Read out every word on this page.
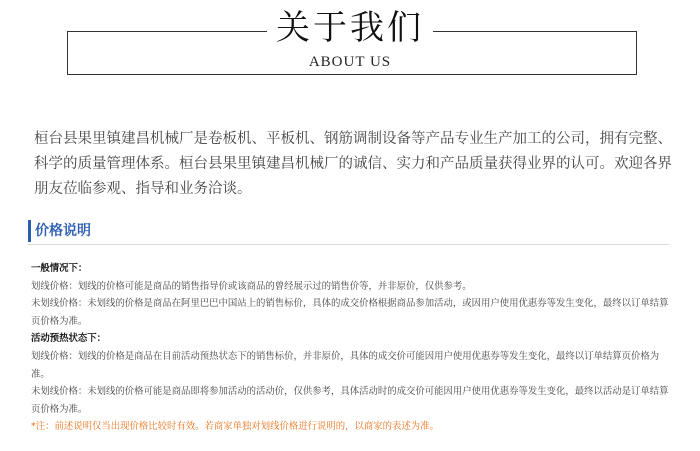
关于我们
ABOUT US
桓台县果里镇建昌机械厂是卷板机、平板机、钢筋调制设备等产品专业生产加工的公司，拥有完整、科学的质量管理体系。桓台县果里镇建昌机械厂的诚信、实力和产品质量获得业界的认可。欢迎各界朋友莅临参观、指导和业务洽谈。
价格说明

一般情况下：

划线价格：划线的价格可能是商品的销售指导价或该商品的曾经展示过的销售价等，并非原价，仅供参考。

未划线价格：未划线的价格是商品在阿里巴巴中国站上的销售标价，具体的成交价格根据商品参加活动，或因用户使用优惠券等发生变化，最终以订单结算页价格为准。

活动预热状态下：

划线价格：划线的价格是商品在目前活动预热状态下的销售标价，并非原价，具体的成交价可能因用户使用优惠券等发生变化，最终以订单结算页价格为准。

未划线价格：未划线的价格可能是商品即将参加活动的活动价，仅供参考，具体活动时的成交价可能因用户使用优惠券等发生变化，最终以活动是订单结算页价格为准。

*注：前述说明仅当出现价格比较时有效。若商家单独对划线价格进行说明的，以商家的表述为准。
